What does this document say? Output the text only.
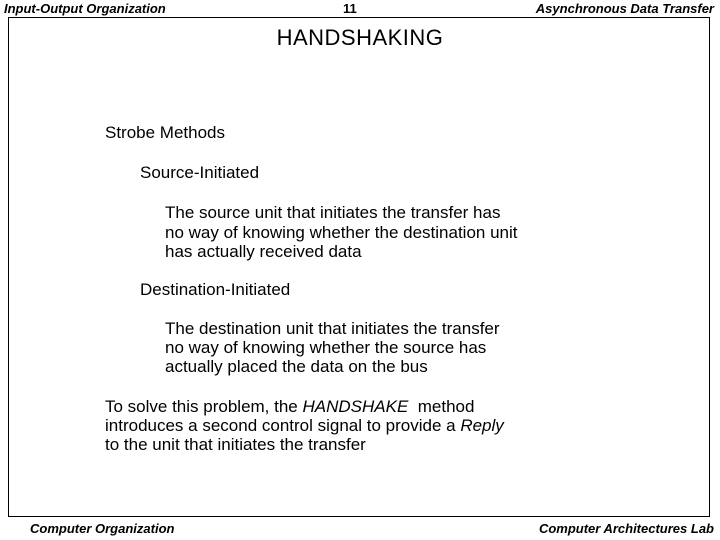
Input-Output Organization	11	Asynchronous Data Transfer
HANDSHAKING
Strobe Methods
Source-Initiated
The source unit that initiates the transfer has
no way of knowing whether the destination unit
has actually received data
Destination-Initiated
The destination unit that initiates the transfer
no way of knowing whether the source has
actually placed the data on the bus
To solve this problem, the HANDSHAKE  method
introduces a second control signal to provide a Reply
to the unit that initiates the transfer
Computer Organization	Computer Architectures Lab
